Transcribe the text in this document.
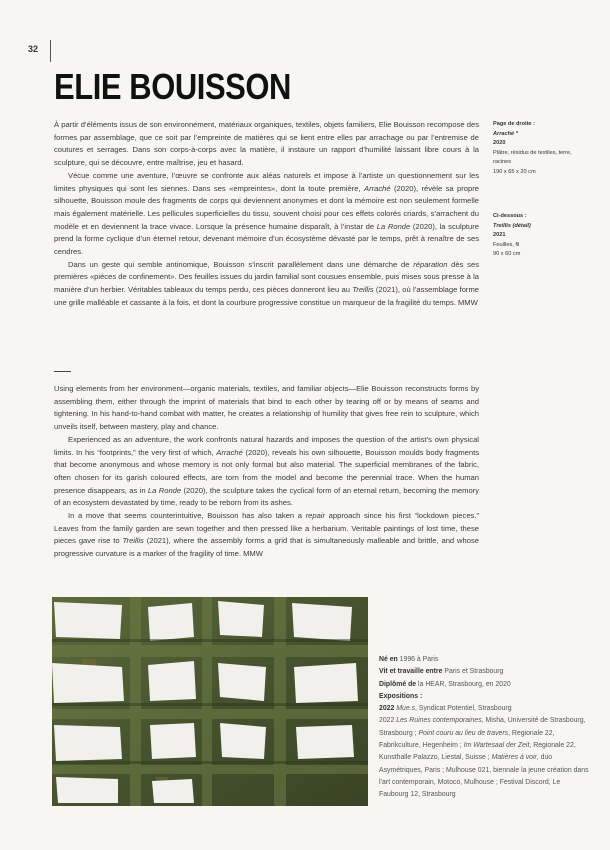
32
ELIE BOUISSON

À partir d’éléments issus de son environnement, matériaux organiques, textiles, objets familiers, Elie Bouisson recompose des formes par assemblage, que ce soit par l’empreinte de matières qui se lient entre elles par arrachage ou par l’entremise de coutures et serrages. Dans son corps-à-corps avec la matière, il instaure un rapport d’humilité laissant libre cours à la sculpture, qui se découvre, entre maîtrise, jeu et hasard.

Vécue comme une aventure, l’œuvre se confronte aux aléas naturels et impose à l’artiste un questionnement sur les limites physiques qui sont les siennes. Dans ses «empreintes», dont la toute première, Arraché (2020), révèle sa propre silhouette, Bouisson moule des fragments de corps qui deviennent anonymes et dont la mémoire est non seulement formelle mais également matérielle. Les pellicules superficielles du tissu, souvent choisi pour ces effets colorés criards, s’arrachent du modèle et en deviennent la trace vivace. Lorsque la présence humaine disparaît, à l’instar de La Ronde (2020), la sculpture prend la forme cyclique d’un éternel retour, devenant mémoire d’un écosystème dévasté par le temps, prêt à renaître de ses cendres.

Dans un geste qui semble antinomique, Bouisson s’inscrit parallèlement dans une démarche de réparation dès ses premières «pièces de confinement». Des feuilles issues du jardin familial sont cousues ensemble, puis mises sous presse à la manière d’un herbier. Véritables tableaux du temps perdu, ces pièces donneront lieu au Treillis (2021), où l’assemblage forme une grille malléable et cassante à la fois, et dont la courbure progressive constitue un marqueur de la fragilité du temps. MMW

Using elements from her environment—organic materials, textiles, and familiar objects—Elie Bouisson reconstructs forms by assembling them, either through the imprint of materials that bind to each other by tearing off or by means of seams and tightening. In his hand-to-hand combat with matter, he creates a relationship of humility that gives free rein to sculpture, which unveils itself, between mastery, play and chance.

Experienced as an adventure, the work confronts natural hazards and imposes the question of the artist’s own physical limits. In his “footprints,” the very first of which, Arraché (2020), reveals his own silhouette, Bouisson moulds body fragments that become anonymous and whose memory is not only formal but also material. The superficial membranes of the fabric, often chosen for its garish coloured effects, are torn from the model and become the perennial trace. When the human presence disappears, as in La Ronde (2020), the sculpture takes the cyclical form of an eternal return, becoming the memory of an ecosystem devastated by time, ready to be reborn from its ashes.

In a move that seems counterintuitive, Bouisson has also taken a repair approach since his first “lockdown pieces.” Leaves from the family garden are sewn together and then pressed like a herbarium. Veritable paintings of lost time, these pieces gave rise to Treillis (2021), where the assembly forms a grid that is simultaneously malleable and brittle, and whose progressive curvature is a marker of the fragility of time. MMW

Page de droite :
Arraché *
2020
Plâtre, résidus de textiles, terre, racines
190 x 65 x 20 cm
Ci-dessous :
Treillis (détail)
2021
Feuilles, fil
90 x 60 cm
Né en 1996 à Paris
Vit et travaille entre Paris et Strasbourg
Diplômé de la HEAR, Strasbourg, en 2020
Expositions :
2022 Mue.s, Syndicat Potentiel, Strasbourg
2022 Les Ruines contemporaines, Misha, Université de Strasbourg, Strasbourg ; Point couru au lieu de travers, Regionale 22, Fabrikculture, Hegenheim ; Im Wartesaal der Zeit, Regionale 22, Kunsthalle Palazzo, Liestal, Suisse ; Matières à voir, duo Asymétriques, Paris ; Mulhouse 021, biennale la jeune création dans l’art contemporain, Motoco, Mulhouse ; Festival Discord, Le Faubourg 12, Strasbourg
